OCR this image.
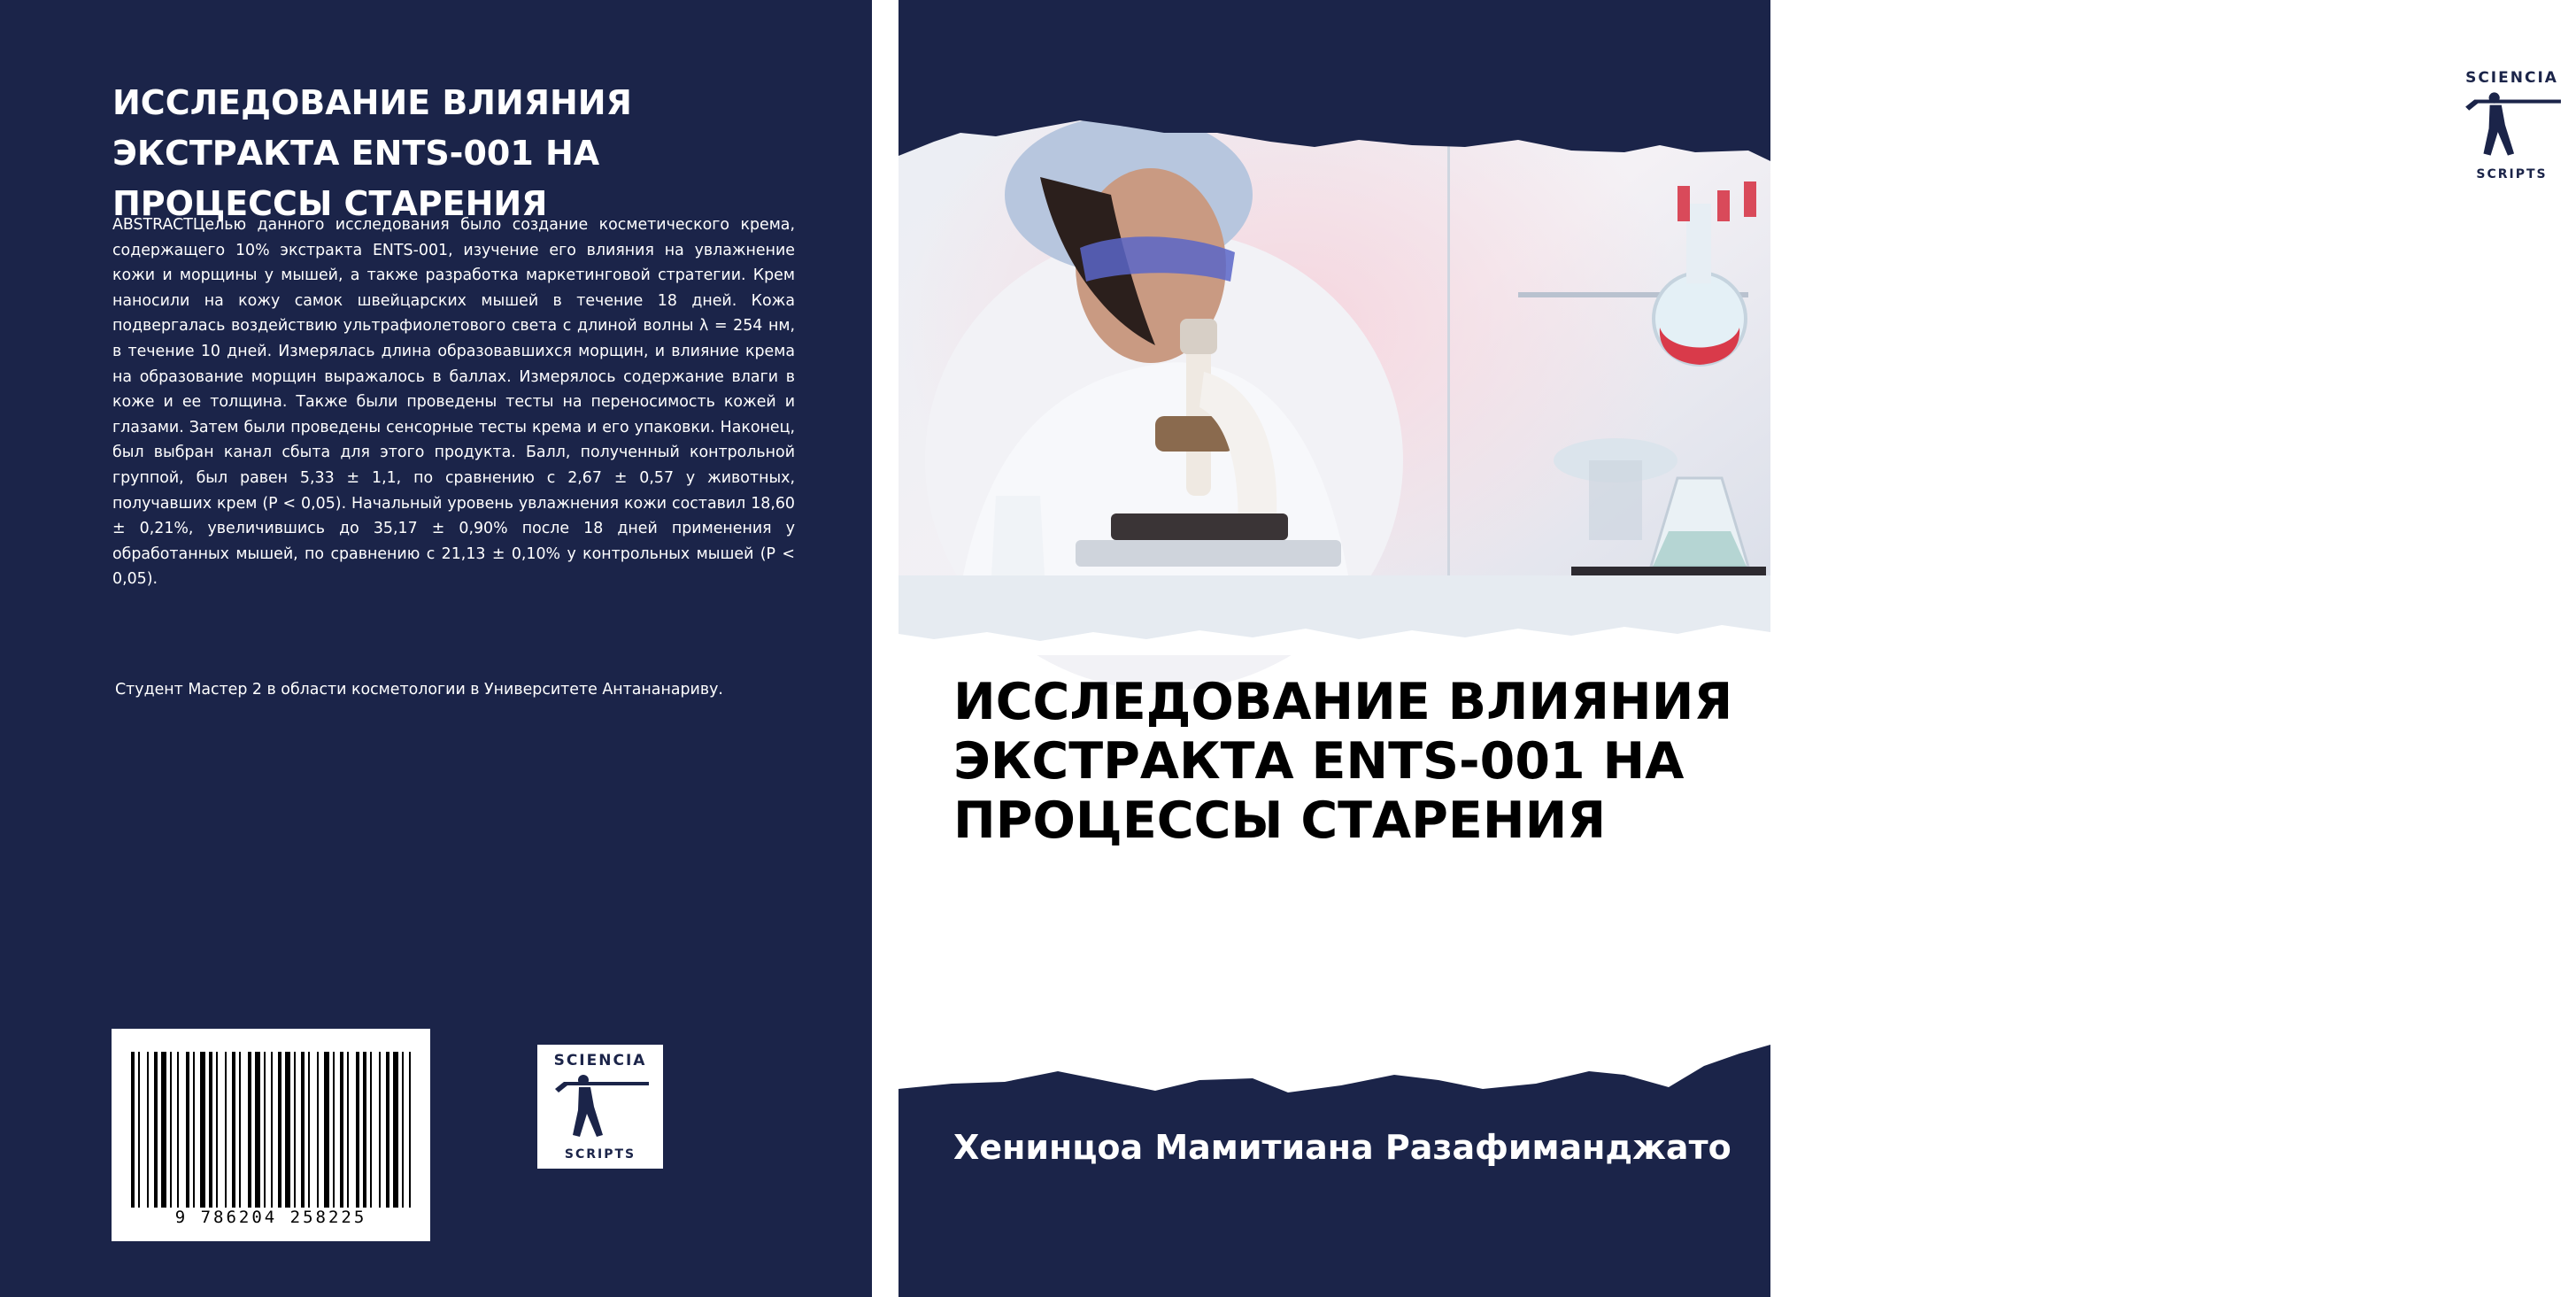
ИССЛЕДОВАНИЕ ВЛИЯНИЯ ЭКСТРАКТА ENTS-001 НА ПРОЦЕССЫ СТАРЕНИЯ

ABSTRACTЦелью данного исследования было создание косметического крема, содержащего 10% экстракта ENTS-001, изучение его влияния на увлажнение кожи и морщины у мышей, а также разработка маркетинговой стратегии. Крем наносили на кожу самок швейцарских мышей в течение 18 дней. Кожа подвергалась воздействию ультрафиолетового света с длиной волны λ = 254 нм, в течение 10 дней. Измерялась длина образовавшихся морщин, и влияние крема на образование морщин выражалось в баллах. Измерялось содержание влаги в коже и ее толщина. Также были проведены тесты на переносимость кожей и глазами. Затем были проведены сенсорные тесты крема и его упаковки. Наконец, был выбран канал сбыта для этого продукта. Балл, полученный контрольной группой, был равен 5,33 ± 1,1, по сравнению с 2,67 ± 0,57 у животных, получавших крем (P < 0,05). Начальный уровень увлажнения кожи составил 18,60 ± 0,21%, увеличившись до 35,17 ± 0,90% после 18 дней применения у обработанных мышей, по сравнению с 21,13 ± 0,10% у контрольных мышей (P < 0,05).

Студент Мастер 2 в области косметологии в Университете Антананариву.

9 786204 258225
SCIENCIA
SCRIPTS
SCIENCIA
SCRIPTS
ИССЛЕДОВАНИЕ ВЛИЯНИЯ ЭКСТРАКТА ENTS-001 НА ПРОЦЕССЫ СТАРЕНИЯ

Хенинцоа Мамитиана Разафиманджато
